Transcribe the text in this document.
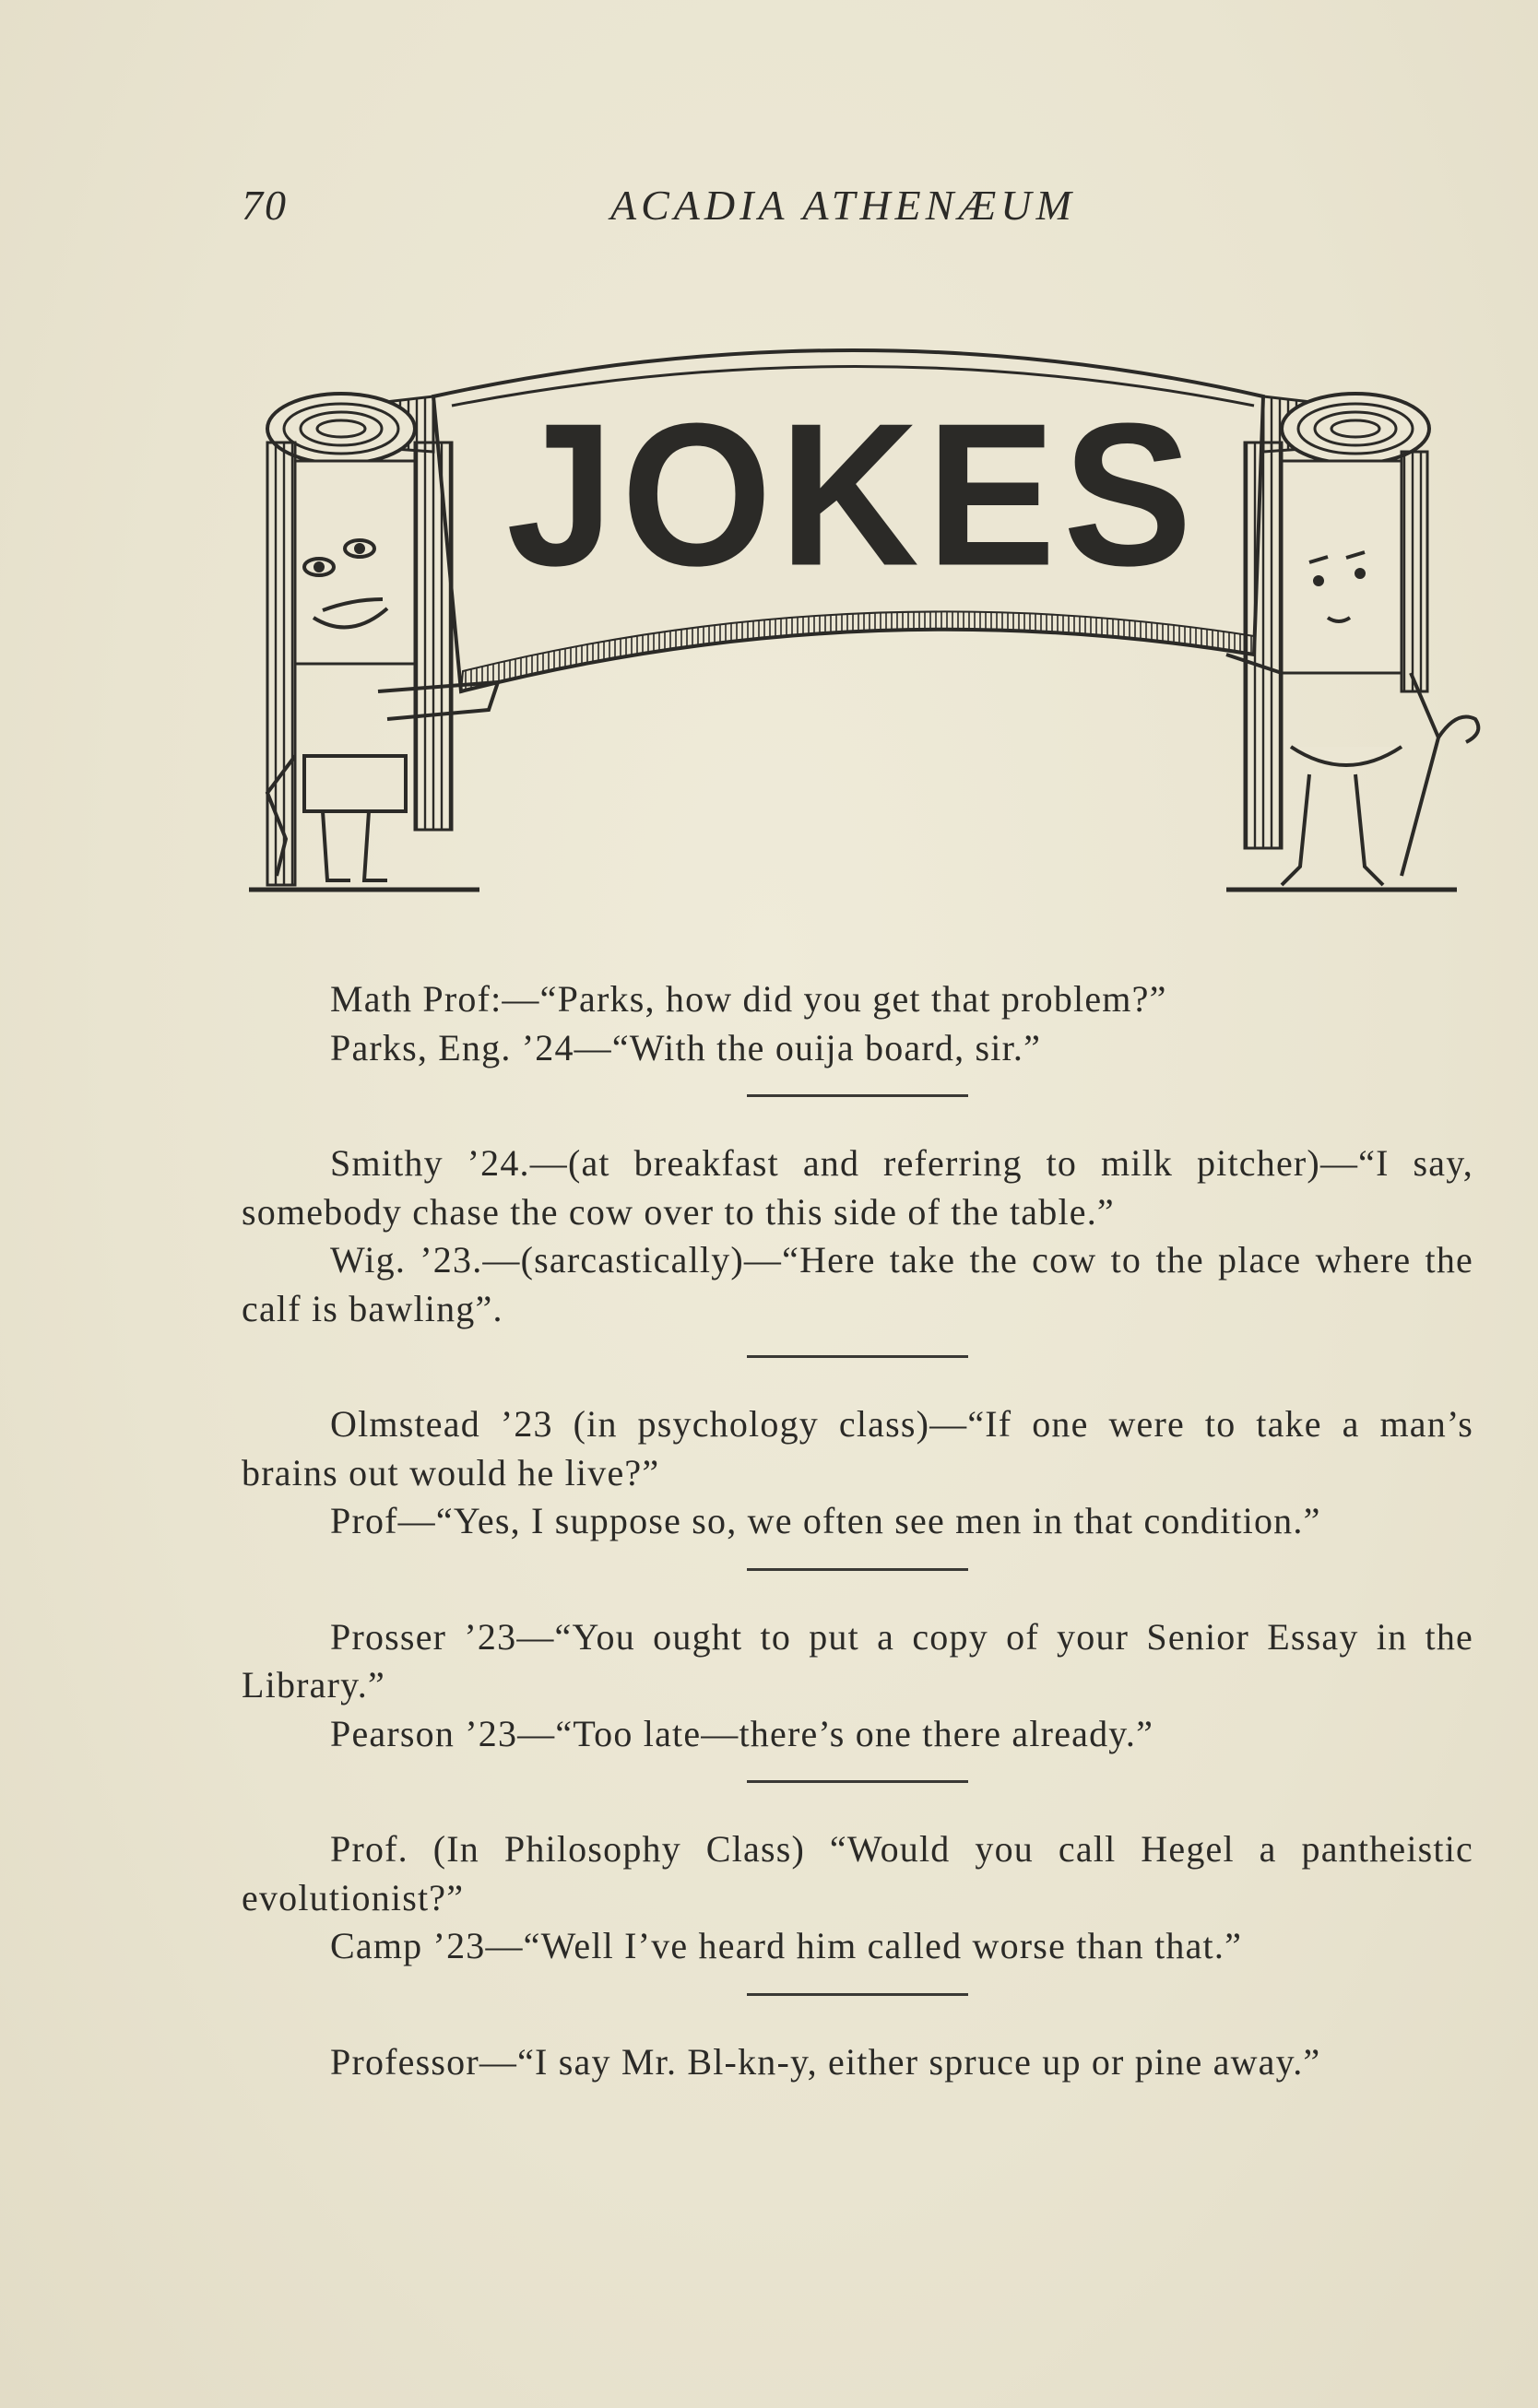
70	ACADIA ATHENÆUM
JOKES

Math Prof:—“Parks, how did you get that problem?”

Parks, Eng. ’24—“With the ouija board, sir.”

Smithy ’24.—(at breakfast and referring to milk pitcher)—“I say, somebody chase the cow over to this side of the table.”

Wig. ’23.—(sarcastically)—“Here take the cow to the place where the calf is bawling”.

Olmstead ’23 (in psychology class)—“If one were to take a man’s brains out would he live?”

Prof—“Yes, I suppose so, we often see men in that condition.”

Prosser ’23—“You ought to put a copy of your Senior Essay in the Library.”

Pearson ’23—“Too late—there’s one there already.”

Prof. (In Philosophy Class) “Would you call Hegel a pantheistic evolutionist?”

Camp ’23—“Well I’ve heard him called worse than that.”

Professor—“I say Mr. Bl-kn-y, either spruce up or pine away.”
